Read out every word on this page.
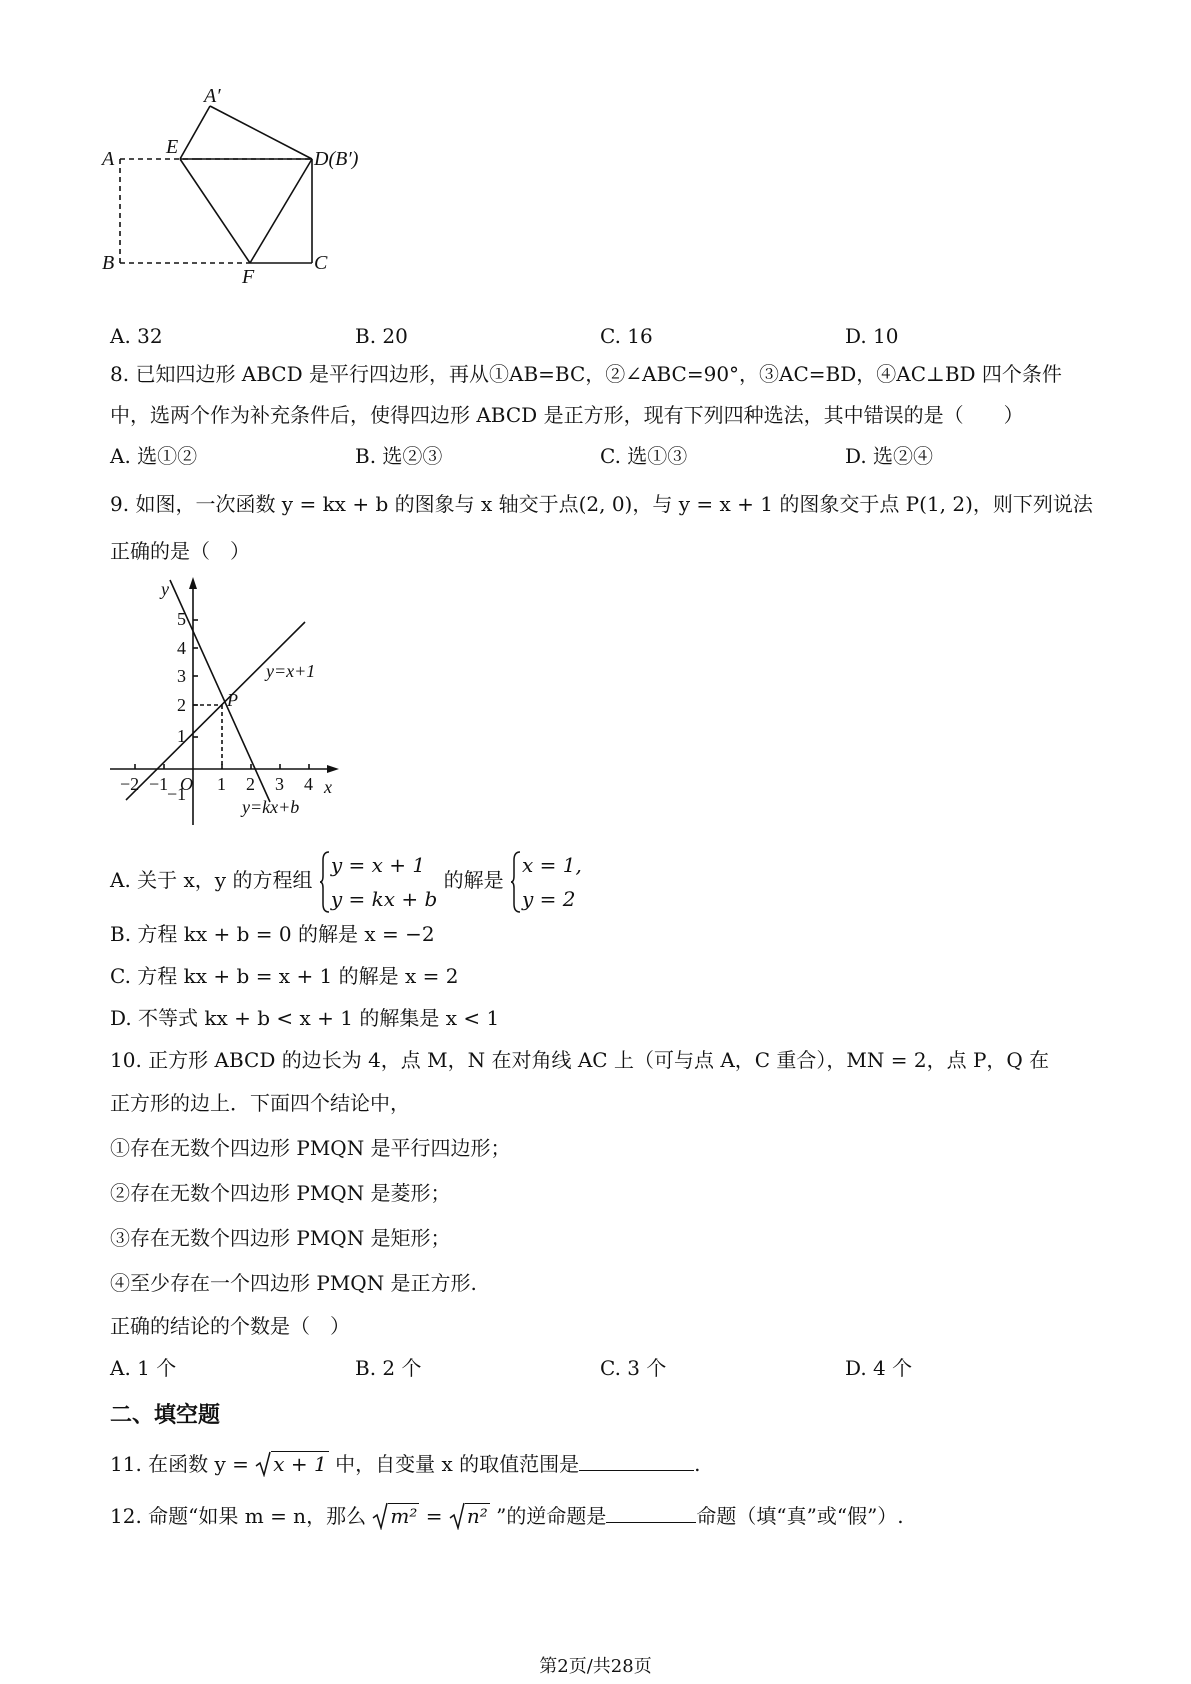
A′
A
E
D(B′)
B
F
C
A. 32	B. 20	C. 16	D. 10
8. 已知四边形 ABCD 是平行四边形，再从①AB=BC，②∠ABC=90°，③AC=BD，④AC⊥BD 四个条件
中，选两个作为补充条件后，使得四边形 ABCD 是正方形，现有下列四种选法，其中错误的是（　　）
A. 选①②	B. 选②③	C. 选①③	D. 选②④
9. 如图，一次函数 y = kx + b 的图象与 x 轴交于点(2, 0)，与 y = x + 1 的图象交于点 P(1, 2)，则下列说法
正确的是（　）
y
x
O
−2 −1	1 2 3 4
5
4
3
2
1
−1
P
y=x+1
y=kx+b
A. 关于 x，y 的方程组
y = x + 1
y = kx + b
的解是
x = 1,
y = 2
B. 方程 kx + b = 0 的解是 x = −2
C. 方程 kx + b = x + 1 的解是 x = 2
D. 不等式 kx + b < x + 1 的解集是 x < 1
10. 正方形 ABCD 的边长为 4，点 M，N 在对角线 AC 上（可与点 A，C 重合），MN = 2，点 P，Q 在
正方形的边上．下面四个结论中，
①存在无数个四边形 PMQN 是平行四边形；
②存在无数个四边形 PMQN 是菱形；
③存在无数个四边形 PMQN 是矩形；
④至少存在一个四边形 PMQN 是正方形.
正确的结论的个数是（　）
A. 1 个	B. 2 个	C. 3 个	D. 4 个
二、填空题
11. 在函数 y = x + 1 中，自变量 x 的取值范围是	.
12. 命题“如果 m = n，那么 m² = n² ”的逆命题是	命题（填“真”或“假”）.
第2页/共28页
